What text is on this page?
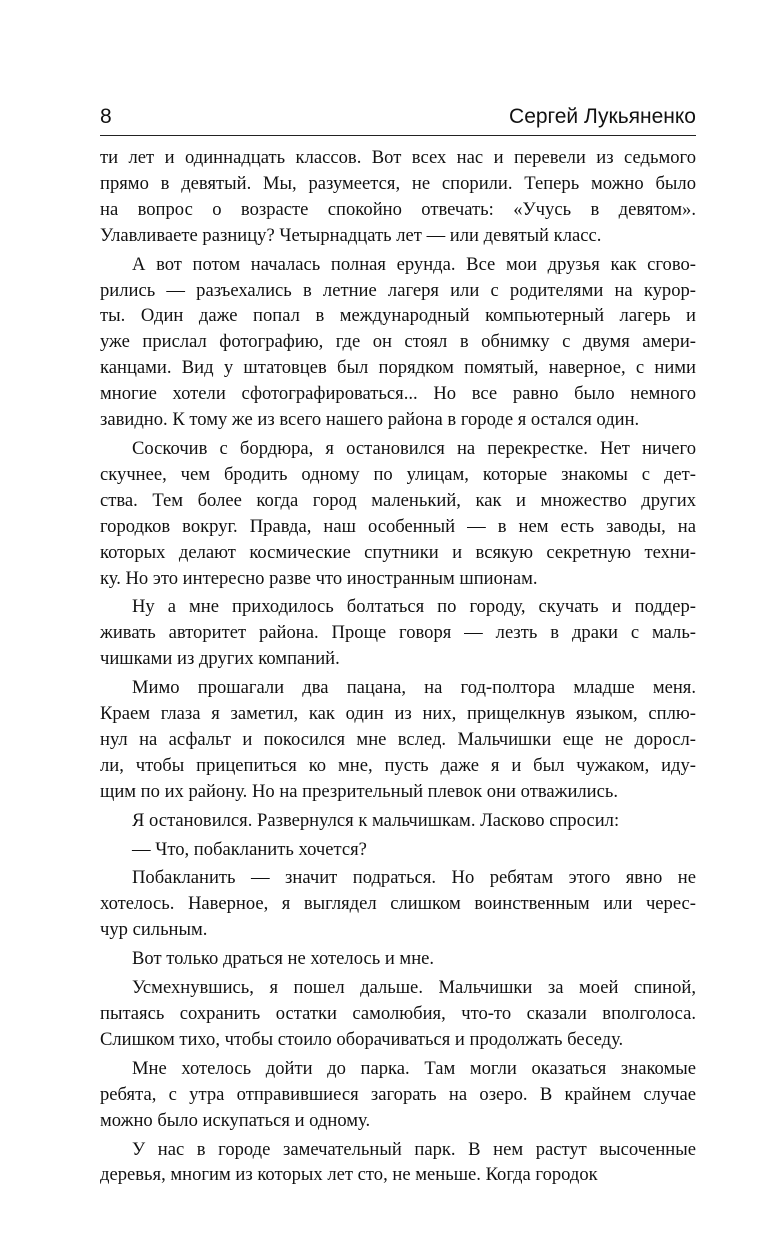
8	Сергей Лукьяненко
ти лет и одиннадцать классов. Вот всех нас и перевели из седьмого
прямо в девятый. Мы, разумеется, не спорили. Теперь можно было
на вопрос о возрасте спокойно отвечать: «Учусь в девятом».
Улавливаете разницу? Четырнадцать лет — или девятый класс.
А вот потом началась полная ерунда. Все мои друзья как сгово-
рились — разъехались в летние лагеря или с родителями на курор-
ты. Один даже попал в международный компьютерный лагерь и
уже прислал фотографию, где он стоял в обнимку с двумя амери-
канцами. Вид у штатовцев был порядком помятый, наверное, с ними
многие хотели сфотографироваться... Но все равно было немного
завидно. К тому же из всего нашего района в городе я остался один.
Соскочив с бордюра, я остановился на перекрестке. Нет ничего
скучнее, чем бродить одному по улицам, которые знакомы с дет-
ства. Тем более когда город маленький, как и множество других
городков вокруг. Правда, наш особенный — в нем есть заводы, на
которых делают космические спутники и всякую секретную техни-
ку. Но это интересно разве что иностранным шпионам.
Ну а мне приходилось болтаться по городу, скучать и поддер-
живать авторитет района. Проще говоря — лезть в драки с маль-
чишками из других компаний.
Мимо прошагали два пацана, на год-полтора младше меня.
Краем глаза я заметил, как один из них, прищелкнув языком, сплю-
нул на асфальт и покосился мне вслед. Мальчишки еще не доросл-
ли, чтобы прицепиться ко мне, пусть даже я и был чужаком, иду-
щим по их району. Но на презрительный плевок они отважились.
Я остановился. Развернулся к мальчишкам. Ласково спросил:
— Что, побакланить хочется?
Побакланить — значит подраться. Но ребятам этого явно не
хотелось. Наверное, я выглядел слишком воинственным или черес-
чур сильным.
Вот только драться не хотелось и мне.
Усмехнувшись, я пошел дальше. Мальчишки за моей спиной,
пытаясь сохранить остатки самолюбия, что-то сказали вполголоса.
Слишком тихо, чтобы стоило оборачиваться и продолжать беседу.
Мне хотелось дойти до парка. Там могли оказаться знакомые
ребята, с утра отправившиеся загорать на озеро. В крайнем случае
можно было искупаться и одному.
У нас в городе замечательный парк. В нем растут высоченные
деревья, многим из которых лет сто, не меньше. Когда городок
